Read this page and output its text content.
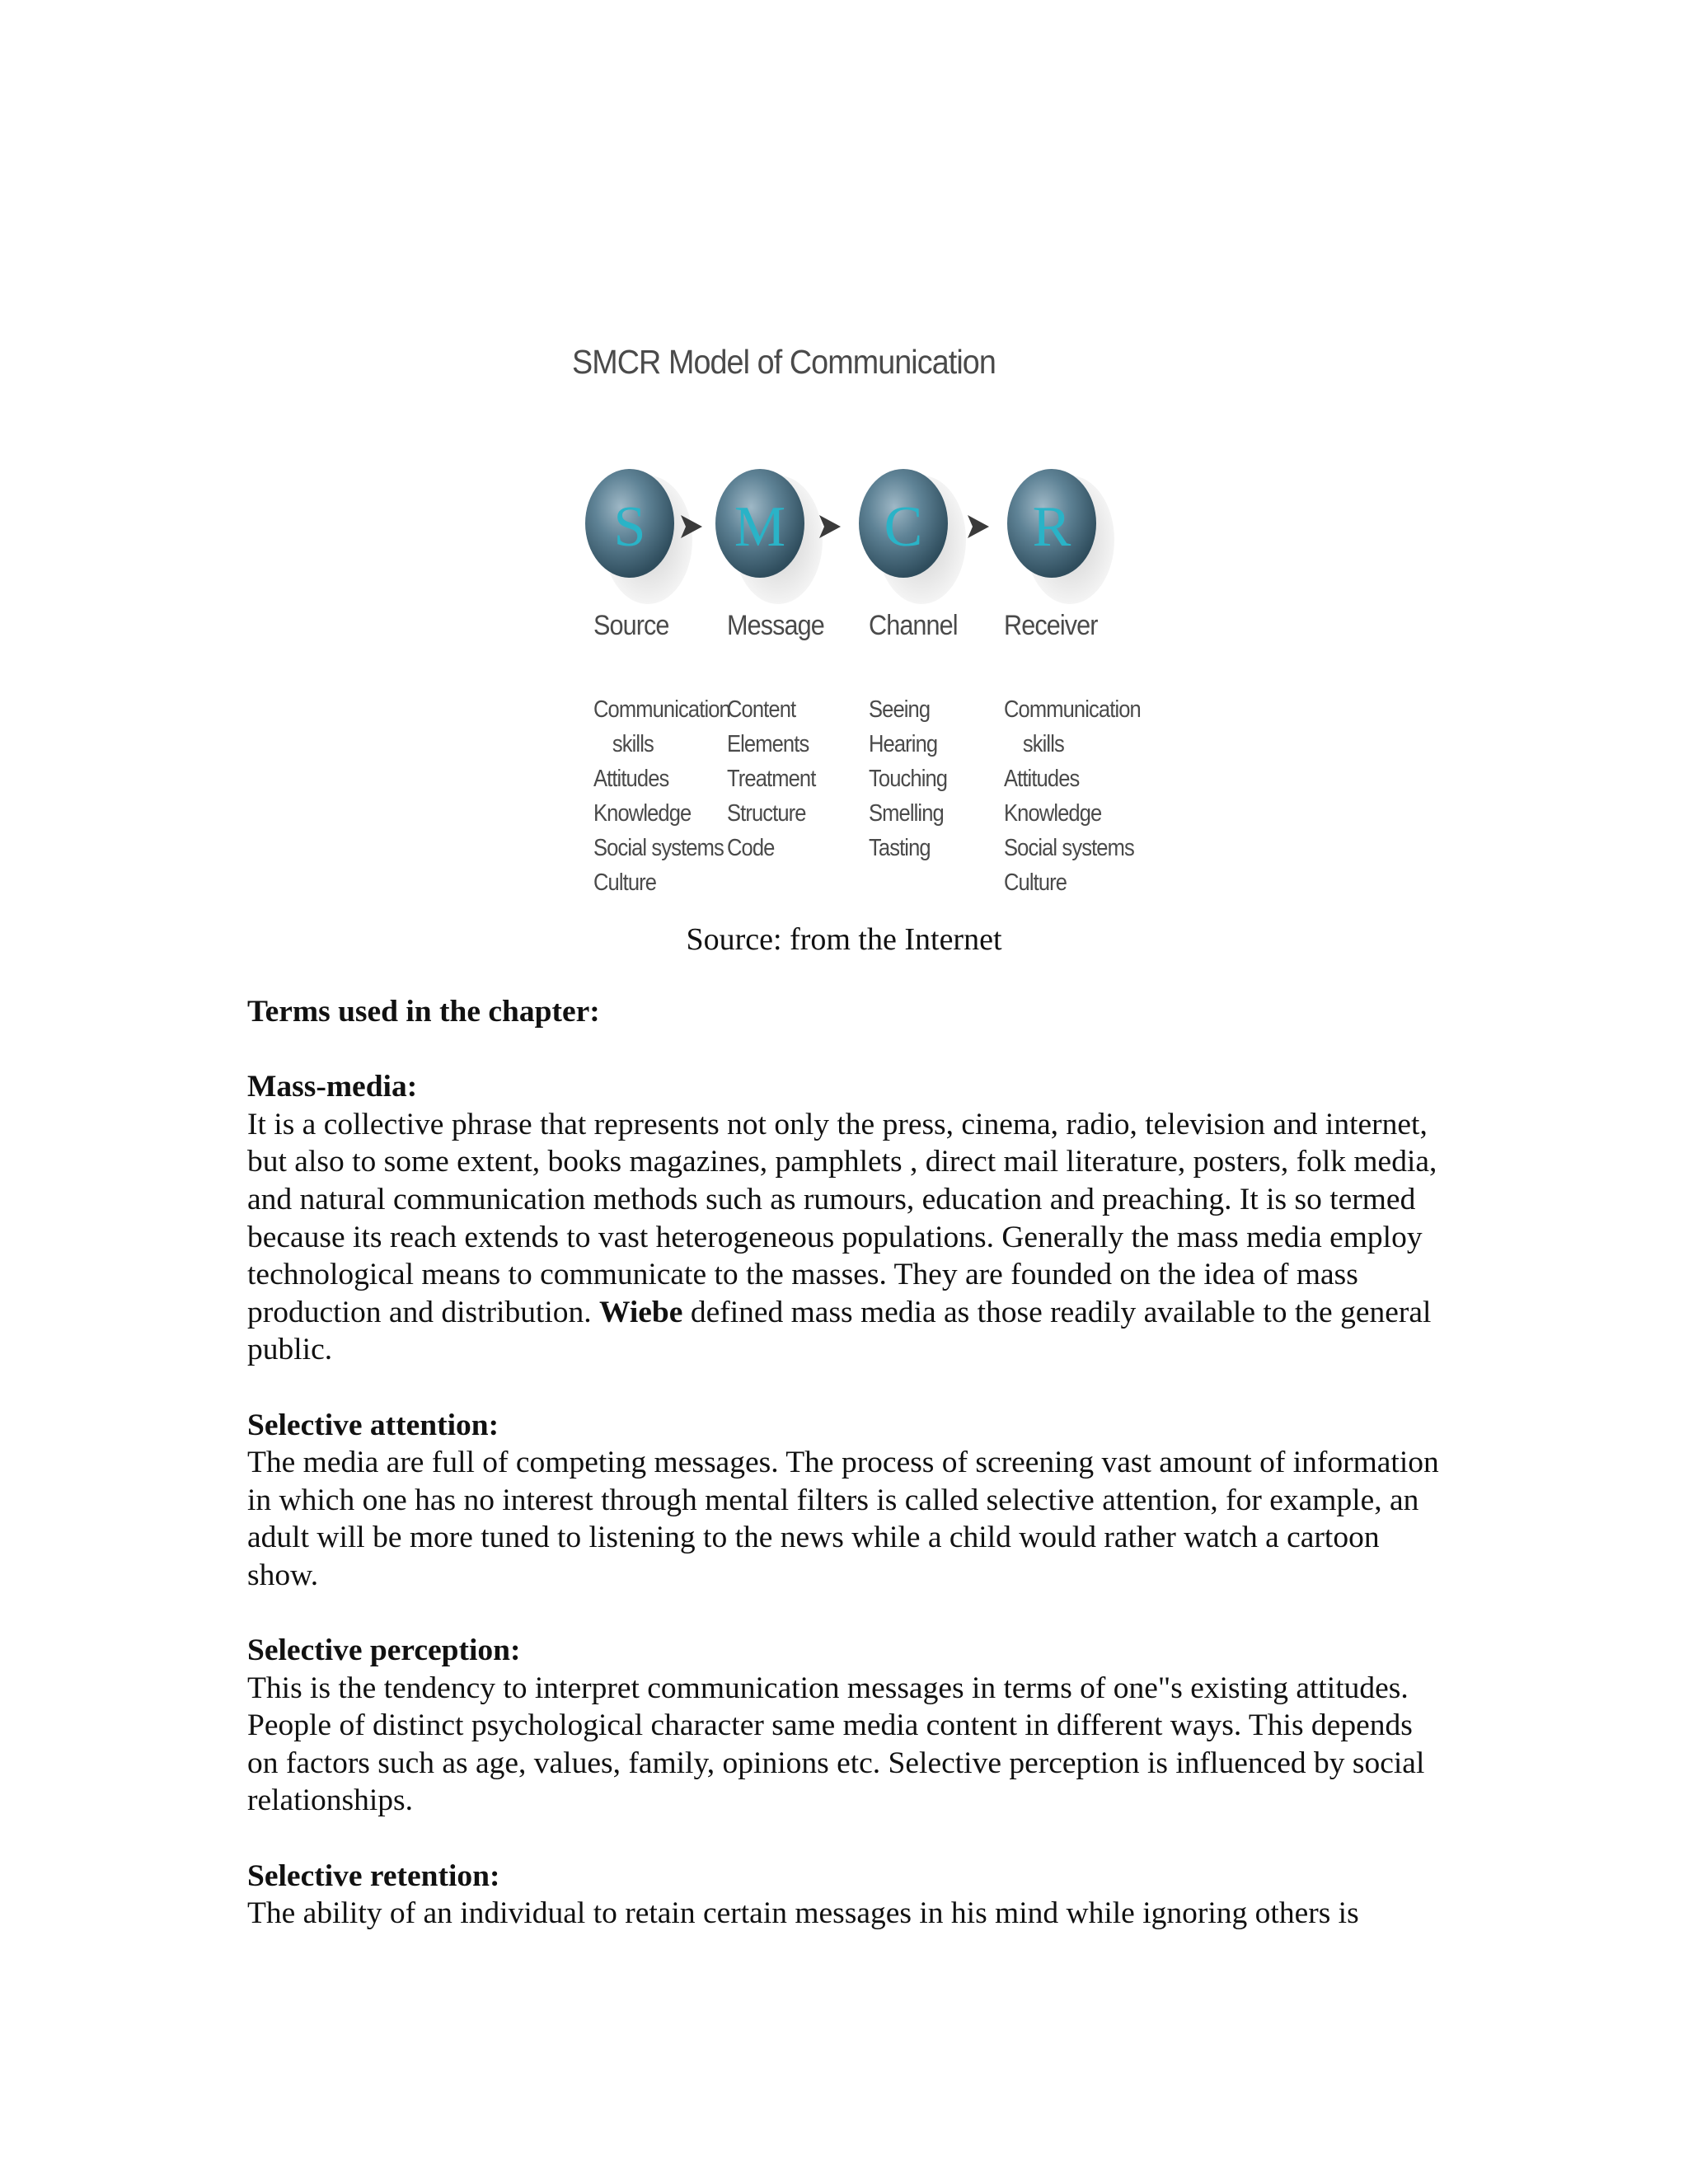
SMCR Model of Communication
S M C R
Source
Communication
skills
Attitudes
Knowledge
Social systems
Culture
Message
Content
Elements
Treatment
Structure
Code
Channel
Seeing
Hearing
Touching
Smelling
Tasting
Receiver
Communication
skills
Attitudes
Knowledge
Social systems
Culture
Source: from the Internet
Terms used in the chapter:
Mass-media:

It is a collective phrase that represents not only the press, cinema, radio, television and internet, but also to some extent, books magazines, pamphlets , direct mail literature, posters, folk media, and natural communication methods such as rumours, education and preaching. It is so termed because its reach extends to vast heterogeneous populations. Generally the mass media employ technological means to communicate to the masses. They are founded on the idea of mass production and distribution. Wiebe defined mass media as those readily available to the general public.

Selective attention:

The media are full of competing messages. The process of screening vast amount of information in which one has no interest through mental filters is called selective attention, for example, an adult will be more tuned to listening to the news while a child would rather watch a cartoon show.

Selective perception:

This is the tendency to interpret communication messages in terms of one"s existing attitudes. People of distinct psychological character same media content in different ways. This depends on factors such as age, values, family, opinions etc. Selective perception is influenced by social relationships.

Selective retention:

The ability of an individual to retain certain messages in his mind while ignoring others is
